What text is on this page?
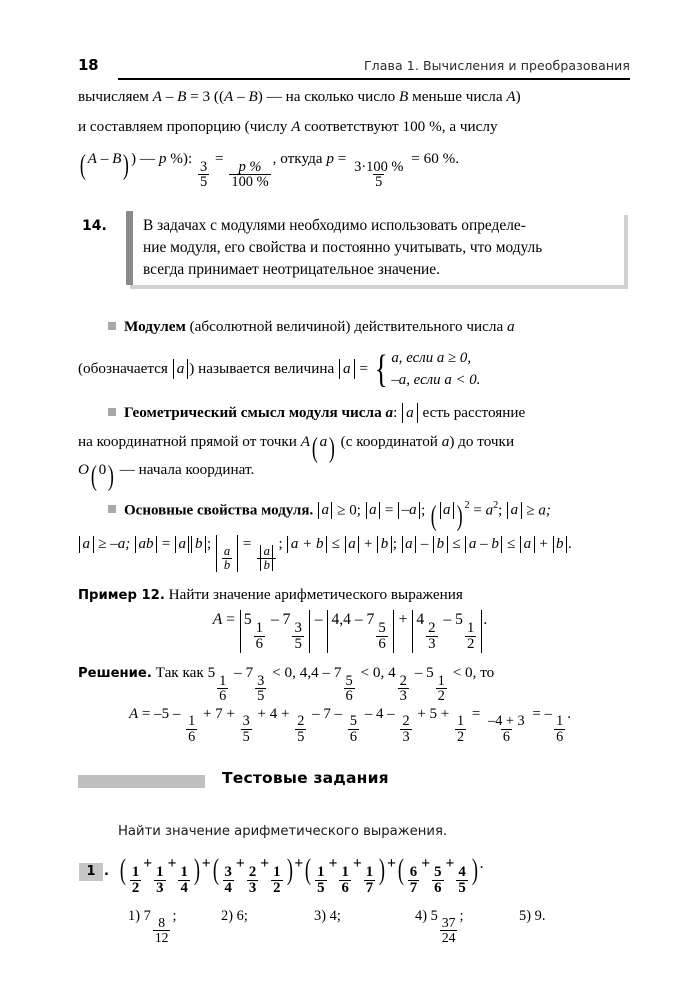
18	Глава 1. Вычисления и преобразования
вычисляем A – B = 3 ((A – B) — на сколько число B меньше числа A)
и составляем пропорцию (числу A соответствуют 100 %, а числу
( A – B) ) — p %):
$\frac{3}{5}$
=
$\frac{p \%}{100 \%}$
, откуда p =
$\frac{3\cdot 100 \%}{5}$
= 60 %.
14. В задачах с модулями необходимо использовать определе-
ние модуля, его свойства и постоянно учитывать, что модуль
всегда принимает неотрицательное значение.
Модулем (абсолютной величиной) действительного числа a
(обозначается a ) называется величина a = { a, если a ≥ 0,
–a, если a < 0.
Геометрический смысл модуля числа a: a есть расстояние
на координатной прямой от точки A( a) (с координатой a) до точки
O( 0) — начала координат.
Основные свойства модуля. a ≥ 0; a = –a ; ( a ) $^2 = a^2$; a ≥ a;
a ≥ –a; ab = a b ;
$\frac{a}{b}$
=
$\frac{a}{b}$
; a + b ≤ a + b ; a – b ≤ a – b ≤ a + b .
Пример 12. Найти значение арифметического выражения
A = 5
$\frac{1}{6}$
– 7
$\frac{3}{5}$
– 4,4 – 7
$\frac{5}{6}$
+ 4
$\frac{2}{3}$
– 5
$\frac{1}{2}$
.
Решение. Так как 5
$\frac{1}{6}$
– 7
$\frac{3}{5}$
< 0, 4,4 – 7
$\frac{5}{6}$
< 0, 4
$\frac{2}{3}$
– 5
$\frac{1}{2}$
< 0, то
A = –5 –
$\frac{1}{6}$
+ 7 +
$\frac{3}{5}$
+ 4 +
$\frac{2}{5}$
– 7 –
$\frac{5}{6}$
– 4 –
$\frac{2}{3}$
+ 5 +
$\frac{1}{2}$
=
$\frac{-4 + 3}{6}$
= –
$\frac{1}{6}$
.
Тестовые задания
Найти значение арифметического выражения.
1 . ( $\frac{1}{2}$
+
$\frac{1}{3}$
+
$\frac{1}{4}$ ) +( $\frac{3}{4}$
+
$\frac{2}{3}$
+
$\frac{1}{2}$ ) +( $\frac{1}{5}$
+
$\frac{1}{6}$
+
$\frac{1}{7}$ ) +( $\frac{6}{7}$
+
$\frac{5}{6}$
+
$\frac{4}{5}$ ) .
1) 7
$\frac{8}{12}$
;	2) 6;	3) 4;	4) 5
$\frac{37}{24}$
;	5) 9.
